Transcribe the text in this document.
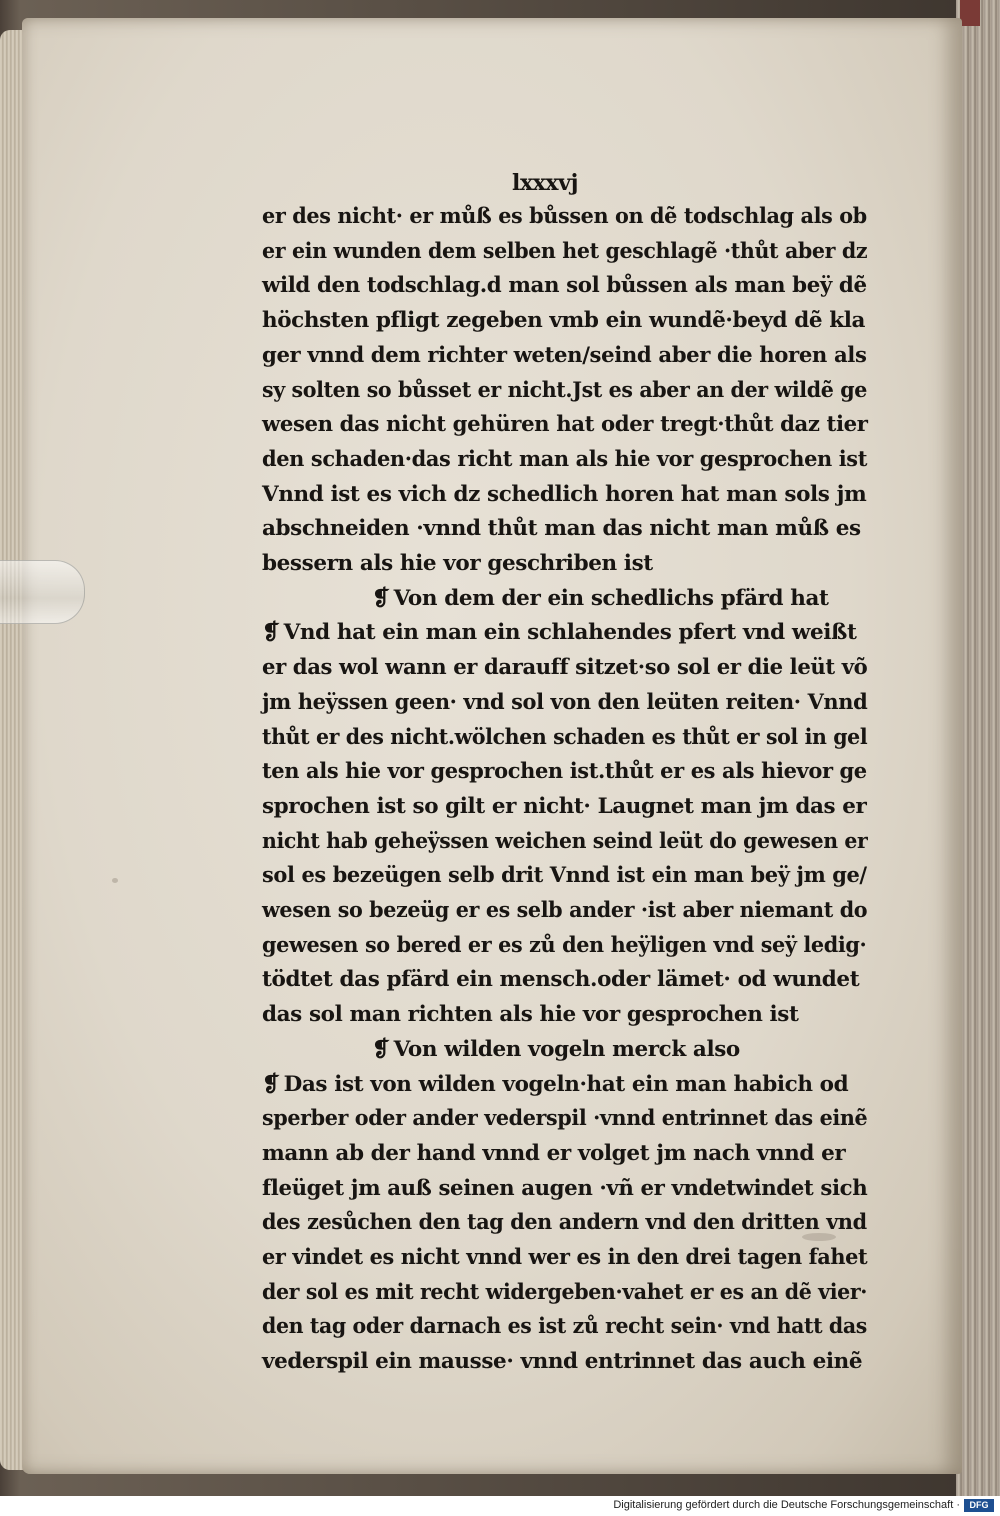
lxxxvj
er des nicht· er můß es bůssen on dẽ todschlag als ob
er ein wunden dem selben het geschlagẽ ·thůt aber dz
wild den todschlag.d man sol bůssen als man beÿ dẽ
höchsten pfligt zegeben vmb ein wundẽ·beyd dẽ kla
ger vnnd dem richter weten/seind aber die horen als
sy solten so bůsset er nicht.Jst es aber an der wildẽ ge
wesen das nicht gehüren hat oder tregt·thůt daz tier
den schaden·das richt man als hie vor gesprochen ist
Vnnd ist es vich dz schedlich horen hat man sols jm
abschneiden ·vnnd thůt man das nicht man můß es
bessern als hie vor geschriben ist
❡ Von dem der ein schedlichs pfärd hat
❡ Vnd hat ein man ein schlahendes pfert vnd weißt
er das wol wann er darauff sitzet·so sol er die leüt võ
jm heÿssen geen· vnd sol von den leüten reiten· Vnnd
thůt er des nicht.wölchen schaden es thůt er sol in gel
ten als hie vor gesprochen ist.thůt er es als hievor ge
sprochen ist so gilt er nicht· Laugnet man jm das er
nicht hab geheÿssen weichen seind leüt do gewesen er
sol es bezeügen selb drit Vnnd ist ein man beÿ jm ge/
wesen so bezeüg er es selb ander ·ist aber niemant do
gewesen so bered er es zů den heÿligen vnd seÿ ledig·
tödtet das pfärd ein mensch.oder lämet· od wundet
das sol man richten als hie vor gesprochen ist
❡ Von wilden vogeln merck also
❡ Das ist von wilden vogeln·hat ein man habich od
sperber oder ander vederspil ·vnnd entrinnet das einẽ
mann ab der hand vnnd er volget jm nach vnnd er
fleüget jm auß seinen augen ·vñ er vndetwindet sich
des zesůchen den tag den andern vnd den dritten vnd
er vindet es nicht vnnd wer es in den drei tagen fahet
der sol es mit recht widergeben·vahet er es an dẽ vier·
den tag oder darnach es ist zů recht sein· vnd hatt das
vederspil ein mausse· vnnd entrinnet das auch einẽ
Digitalisierung gefördert durch die Deutsche Forschungsgemeinschaft ·	DFG
